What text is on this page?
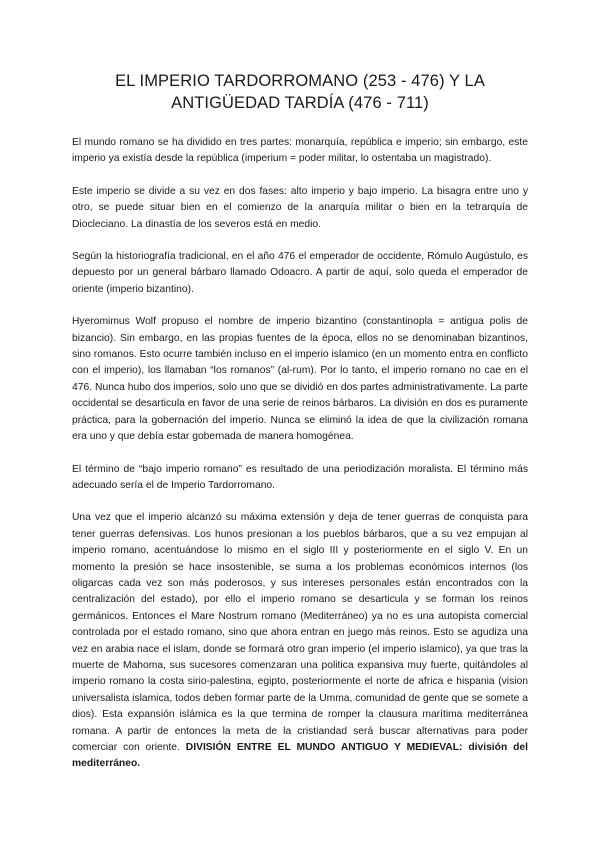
EL IMPERIO TARDORROMANO (253 - 476) Y LA
ANTIGÜEDAD TARDÍA (476 - 711)

El mundo romano se ha dividido en tres partes: monarquía, república e imperio; sin embargo, este imperio ya existía desde la república (imperium = poder militar, lo ostentaba un magistrado).

Este imperio se divide a su vez en dos fases: alto imperio y bajo imperio. La bisagra entre uno y otro, se puede situar bien en el comienzo de la anarquía militar o bien en la tetrarquía de Diocleciano. La dinastía de los severos está en medio.

Según la historiografía tradicional, en el año 476 el emperador de occidente, Rómulo Augústulo, es depuesto por un general bárbaro llamado Odoacro. A partir de aquí, solo queda el emperador de oriente (imperio bizantino).

Hyeromimus Wolf propuso el nombre de imperio bizantino (constantinopla = antigua polis de bizancio). Sin embargo, en las propias fuentes de la época, ellos no se denominaban bizantinos, sino romanos. Esto ocurre también incluso en el imperio islamico (en un momento entra en conflicto con el imperio), los llamaban “los romanos” (al-rum). Por lo tanto, el imperio romano no cae en el 476. Nunca hubo dos imperios, solo uno que se dividió en dos partes administrativamente. La parte occidental se desarticula en favor de una serie de reinos bárbaros. La división en dos es puramente práctica, para la gobernación del imperio. Nunca se eliminó la idea de que la civilización romana era uno y que debía estar gobernada de manera homogénea.

El término de “bajo imperio romano” es resultado de una periodización moralista. El término más adecuado sería el de Imperio Tardorromano.

Una vez que el imperio alcanzó su máxima extensión y deja de tener guerras de conquista para tener guerras defensivas. Los hunos presionan a los pueblos bárbaros, que a su vez empujan al imperio romano, acentuándose lo mismo en el siglo III y posteriormente en el siglo V. En un momento la presión se hace insostenible, se suma a los problemas económicos internos (los oligarcas cada vez son más poderosos, y sus intereses personales están encontrados con la centralización del estado), por ello el imperio romano se desarticula y se forman los reinos germánicos. Entonces el Mare Nostrum romano (Mediterráneo) ya no es una autopista comercial controlada por el estado romano, sino que ahora entran en juego más reinos. Esto se agudiza una vez en arabia nace el islam, donde se formará otro gran imperio (el imperio islamico), ya que tras la muerte de Mahoma, sus sucesores comenzaran una politica expansiva muy fuerte, quitándoles al imperio romano la costa sirio-palestina, egipto, posteriormente el norte de africa e hispania (vision universalista islamica, todos deben formar parte de la Umma, comunidad de gente que se somete a dios). Esta expansión islámica es la que termina de romper la clausura marítima mediterránea romana. A partir de entonces la meta de la cristiandad será buscar alternativas para poder comerciar con oriente. DIVISIÓN ENTRE EL MUNDO ANTIGUO Y MEDIEVAL: división del mediterráneo.
